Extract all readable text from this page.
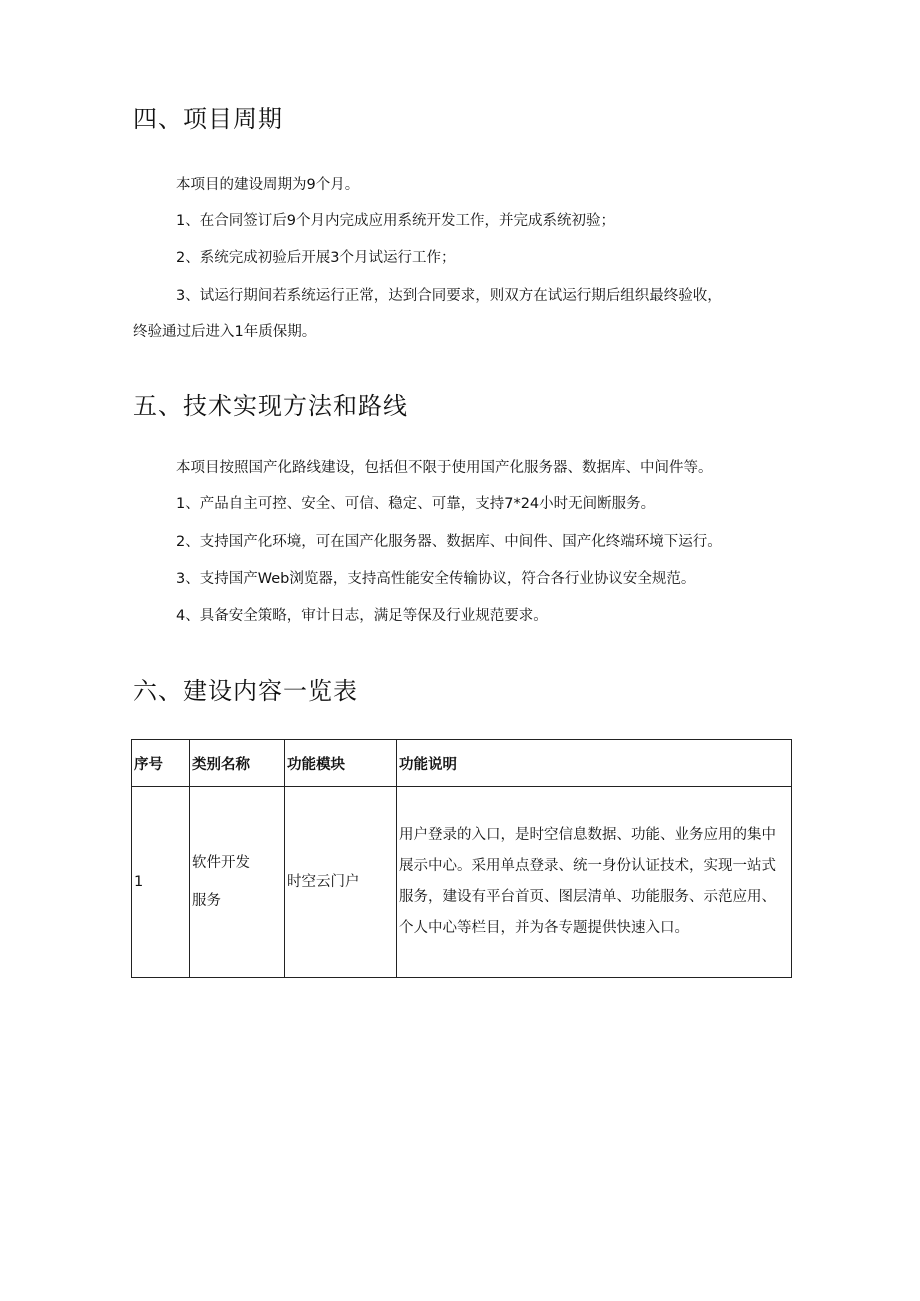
四、项目周期

本项目的建设周期为9个月。

1、在合同签订后9个月内完成应用系统开发工作，并完成系统初验；

2、系统完成初验后开展3个月试运行工作；

3、试运行期间若系统运行正常，达到合同要求，则双方在试运行期后组织最终验收，

终验通过后进入1年质保期。

五、技术实现方法和路线

本项目按照国产化路线建设，包括但不限于使用国产化服务器、数据库、中间件等。

1、产品自主可控、安全、可信、稳定、可靠，支持7*24小时无间断服务。

2、支持国产化环境，可在国产化服务器、数据库、中间件、国产化终端环境下运行。

3、支持国产Web浏览器，支持高性能安全传输协议，符合各行业协议安全规范。

4、具备安全策略，审计日志，满足等保及行业规范要求。

六、建设内容一览表
序号	类别名称	功能模块	功能说明
1	软件开发服务	时空云门户	用户登录的入口，是时空信息数据、功能、业务应用的集中展示中心。采用单点登录、统一身份认证技术，实现一站式服务，建设有平台首页、图层清单、功能服务、示范应用、个人中心等栏目，并为各专题提供快速入口。
